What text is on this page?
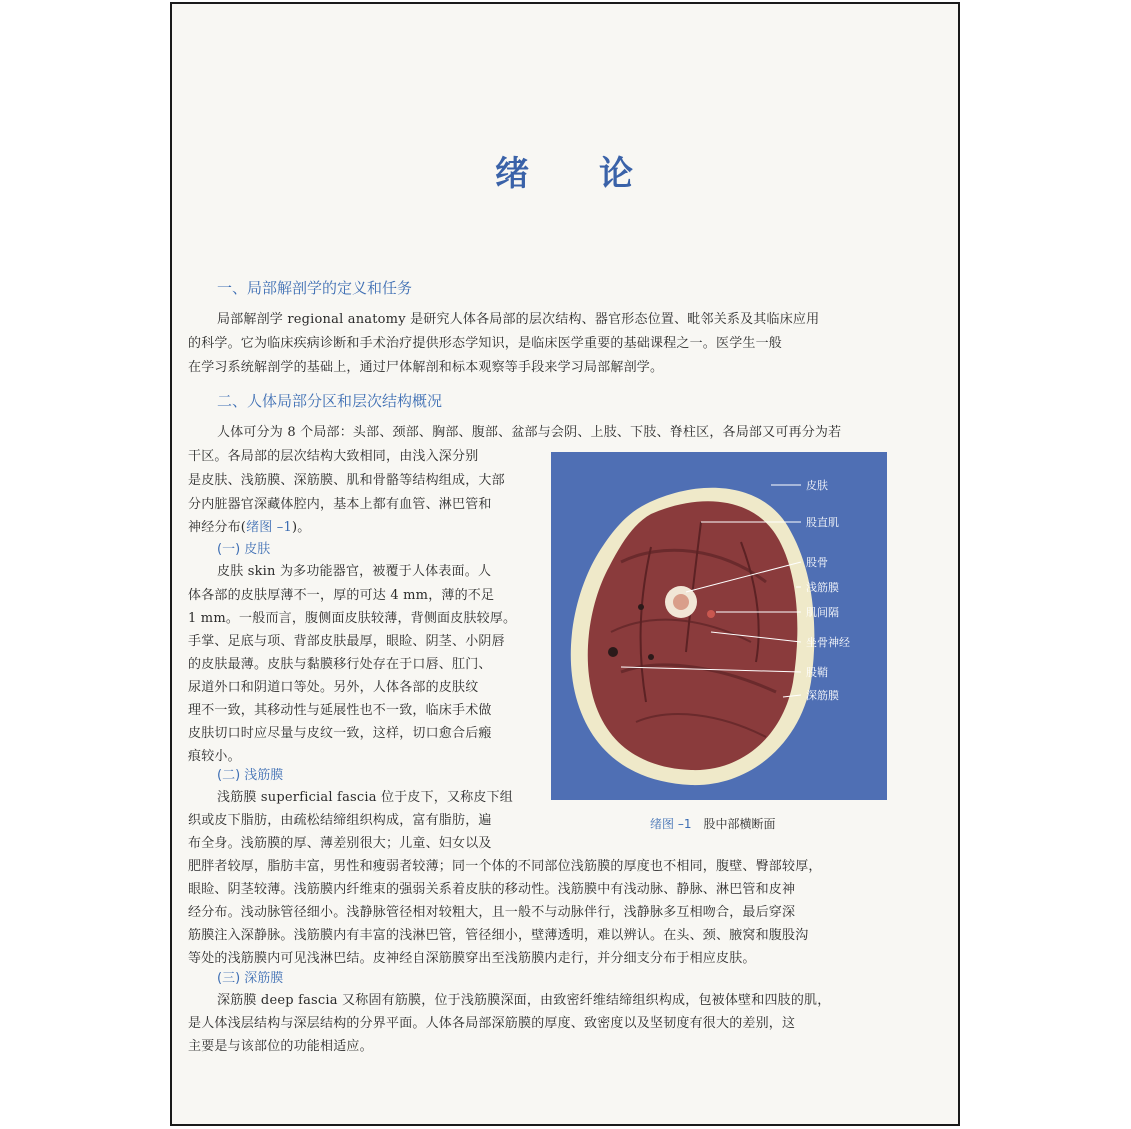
绪 论
一、局部解剖学的定义和任务
局部解剖学 regional anatomy 是研究人体各局部的层次结构、器官形态位置、毗邻关系及其临床应用
的科学。它为临床疾病诊断和手术治疗提供形态学知识，是临床医学重要的基础课程之一。医学生一般
在学习系统解剖学的基础上，通过尸体解剖和标本观察等手段来学习局部解剖学。
二、人体局部分区和层次结构概况
人体可分为 8 个局部：头部、颈部、胸部、腹部、盆部与会阴、上肢、下肢、脊柱区，各局部又可再分为若
干区。各局部的层次结构大致相同，由浅入深分别
是皮肤、浅筋膜、深筋膜、肌和骨骼等结构组成，大部
分内脏器官深藏体腔内，基本上都有血管、淋巴管和
神经分布(绪图 –1)。
(一) 皮肤
皮肤 skin 为多功能器官，被覆于人体表面。人
体各部的皮肤厚薄不一，厚的可达 4 mm，薄的不足
1 mm。一般而言，腹侧面皮肤较薄，背侧面皮肤较厚。
手掌、足底与项、背部皮肤最厚，眼睑、阴茎、小阴唇
的皮肤最薄。皮肤与黏膜移行处存在于口唇、肛门、
尿道外口和阴道口等处。另外，人体各部的皮肤纹
理不一致，其移动性与延展性也不一致，临床手术做
皮肤切口时应尽量与皮纹一致，这样，切口愈合后瘢
痕较小。
(二) 浅筋膜
浅筋膜 superficial fascia 位于皮下，又称皮下组
织或皮下脂肪，由疏松结缔组织构成，富有脂肪，遍
布全身。浅筋膜的厚、薄差别很大；儿童、妇女以及
肥胖者较厚，脂肪丰富，男性和瘦弱者较薄；同一个体的不同部位浅筋膜的厚度也不相同，腹壁、臀部较厚，
眼睑、阴茎较薄。浅筋膜内纤维束的强弱关系着皮肤的移动性。浅筋膜中有浅动脉、静脉、淋巴管和皮神
经分布。浅动脉管径细小。浅静脉管径相对较粗大，且一般不与动脉伴行，浅静脉多互相吻合，最后穿深
筋膜注入深静脉。浅筋膜内有丰富的浅淋巴管，管径细小，壁薄透明，难以辨认。在头、颈、腋窝和腹股沟
等处的浅筋膜内可见浅淋巴结。皮神经自深筋膜穿出至浅筋膜内走行，并分细支分布于相应皮肤。
(三) 深筋膜
深筋膜 deep fascia 又称固有筋膜，位于浅筋膜深面，由致密纤维结缔组织构成，包被体壁和四肢的肌，
是人体浅层结构与深层结构的分界平面。人体各局部深筋膜的厚度、致密度以及坚韧度有很大的差别，这
主要是与该部位的功能相适应。
皮肤
股直肌
股骨
浅筋膜
肌间隔
坐骨神经
股鞘
深筋膜
绪图 –1 股中部横断面
